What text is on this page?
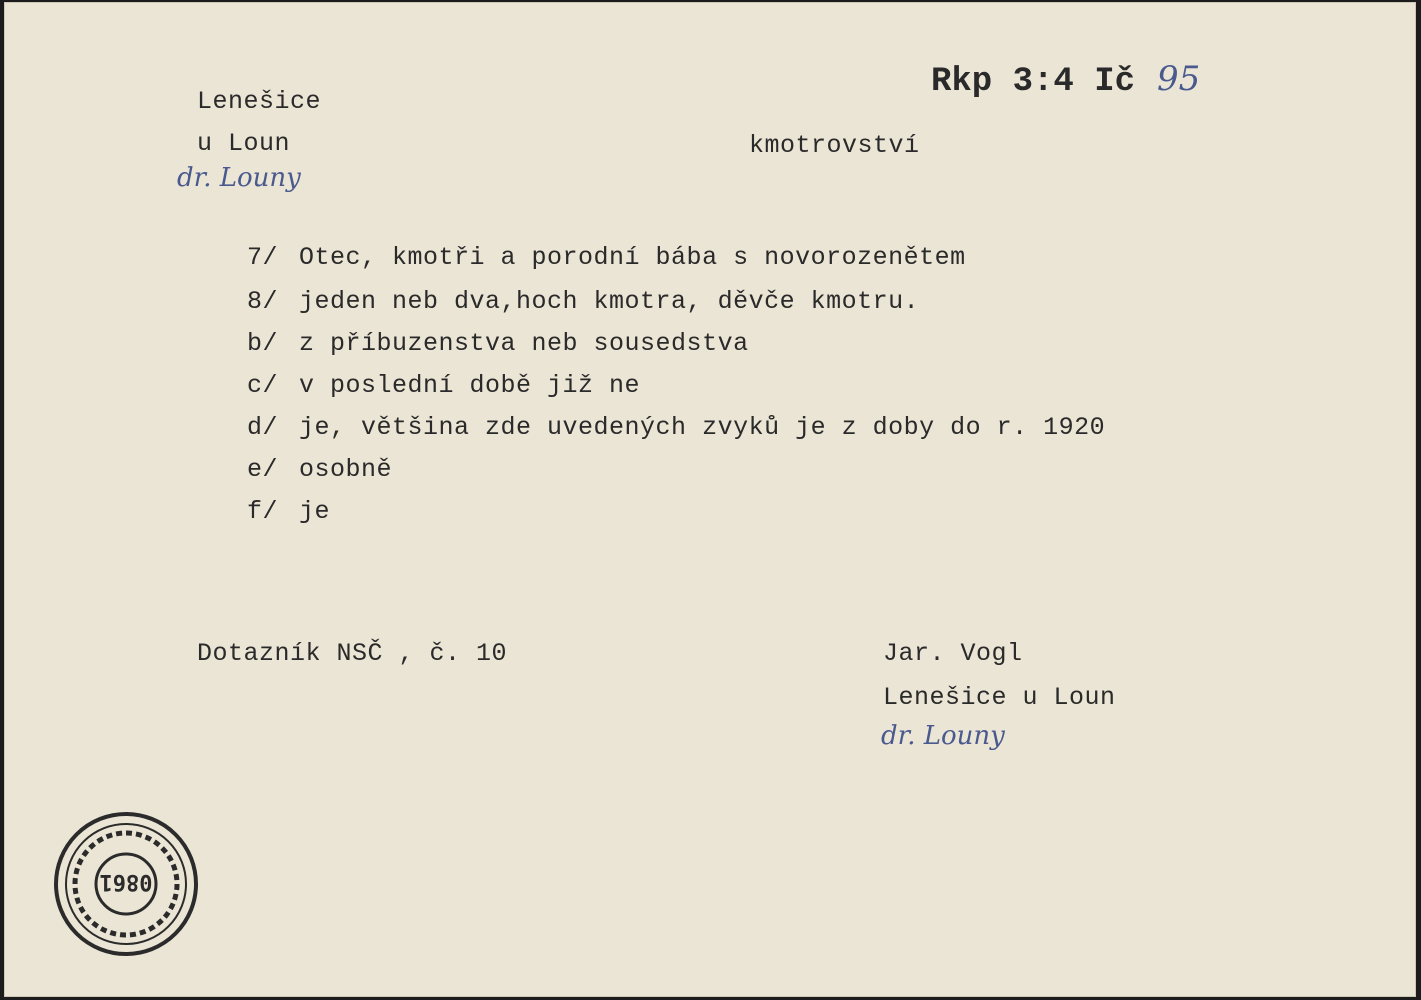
Lenešice
u Loun
dr. Louny
kmotrovství
Rkp 3:4 Ič 95
7/ Otec, kmotři a porodní bába s novorozenětem
8/ jeden neb dva,hoch kmotra, děvče kmotru.
b/ z příbuzenstva neb sousedstva
c/ v poslední době již ne
d/ je, většina zde uvedených zvyků je z doby do r. 1920
e/ osobně
f/ je
Dotazník NSČ , č. 10	Jar. Vogl
Lenešice u Loun
dr. Louny
0861
